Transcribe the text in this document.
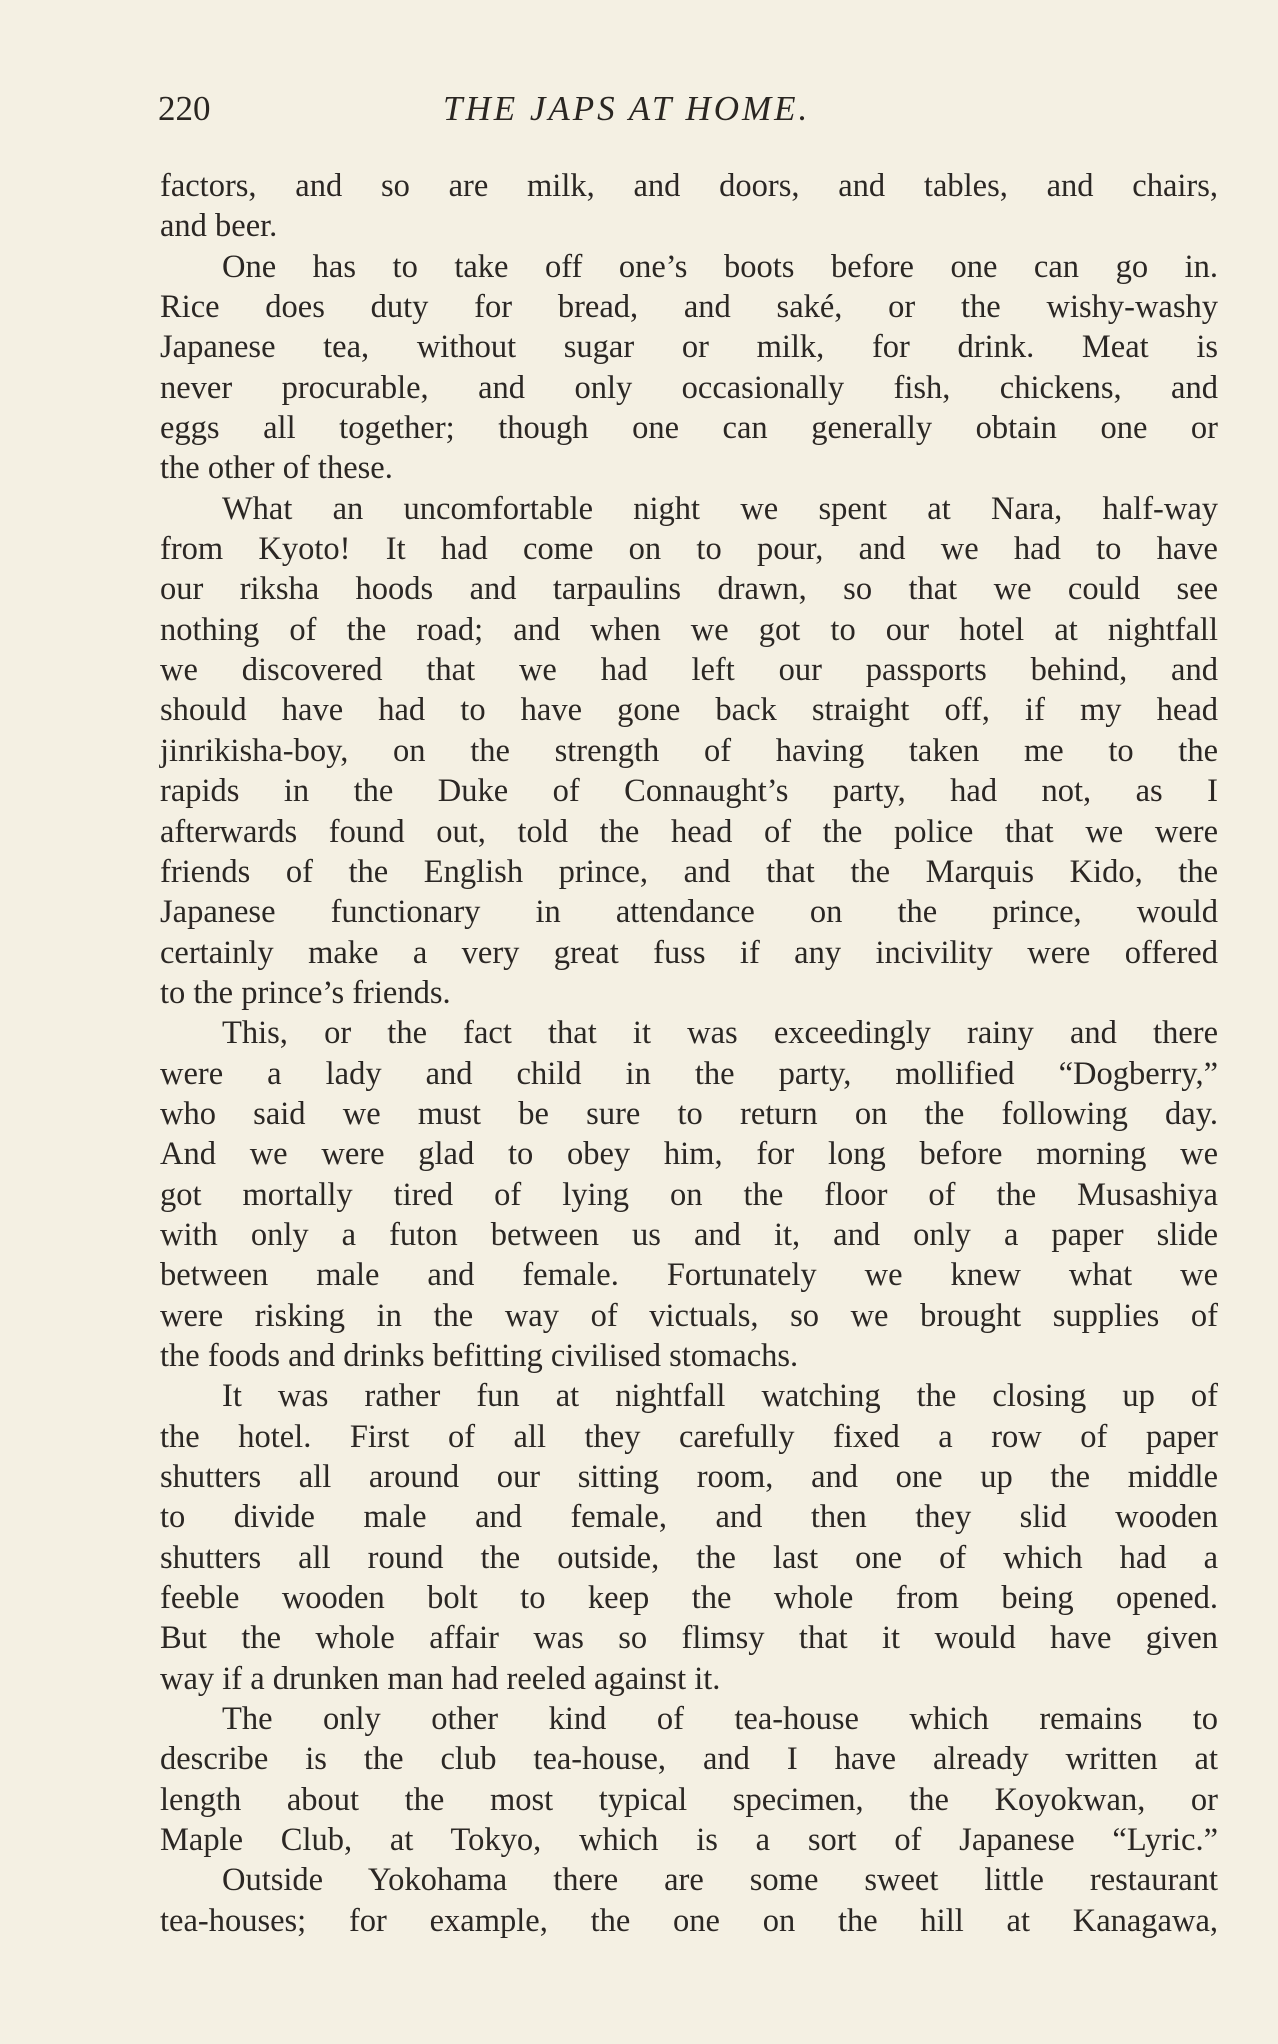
220	THE JAPS AT HOME.
factors, and so are milk, and doors, and tables, and chairs,
and beer.
One has to take off one’s boots before one can go in.
Rice does duty for bread, and saké, or the wishy-washy
Japanese tea, without sugar or milk, for drink. Meat is
never procurable, and only occasionally fish, chickens, and
eggs all together; though one can generally obtain one or
the other of these.
What an uncomfortable night we spent at Nara, half-way
from Kyoto! It had come on to pour, and we had to have
our riksha hoods and tarpaulins drawn, so that we could see
nothing of the road; and when we got to our hotel at nightfall
we discovered that we had left our passports behind, and
should have had to have gone back straight off, if my head
jinrikisha-boy, on the strength of having taken me to the
rapids in the Duke of Connaught’s party, had not, as I
afterwards found out, told the head of the police that we were
friends of the English prince, and that the Marquis Kido, the
Japanese functionary in attendance on the prince, would
certainly make a very great fuss if any incivility were offered
to the prince’s friends.
This, or the fact that it was exceedingly rainy and there
were a lady and child in the party, mollified “Dogberry,”
who said we must be sure to return on the following day.
And we were glad to obey him, for long before morning we
got mortally tired of lying on the floor of the Musashiya
with only a futon between us and it, and only a paper slide
between male and female. Fortunately we knew what we
were risking in the way of victuals, so we brought supplies of
the foods and drinks befitting civilised stomachs.
It was rather fun at nightfall watching the closing up of
the hotel. First of all they carefully fixed a row of paper
shutters all around our sitting room, and one up the middle
to divide male and female, and then they slid wooden
shutters all round the outside, the last one of which had a
feeble wooden bolt to keep the whole from being opened.
But the whole affair was so flimsy that it would have given
way if a drunken man had reeled against it.
The only other kind of tea-house which remains to
describe is the club tea-house, and I have already written at
length about the most typical specimen, the Koyokwan, or
Maple Club, at Tokyo, which is a sort of Japanese “Lyric.”
Outside Yokohama there are some sweet little restaurant
tea-houses; for example, the one on the hill at Kanagawa,
